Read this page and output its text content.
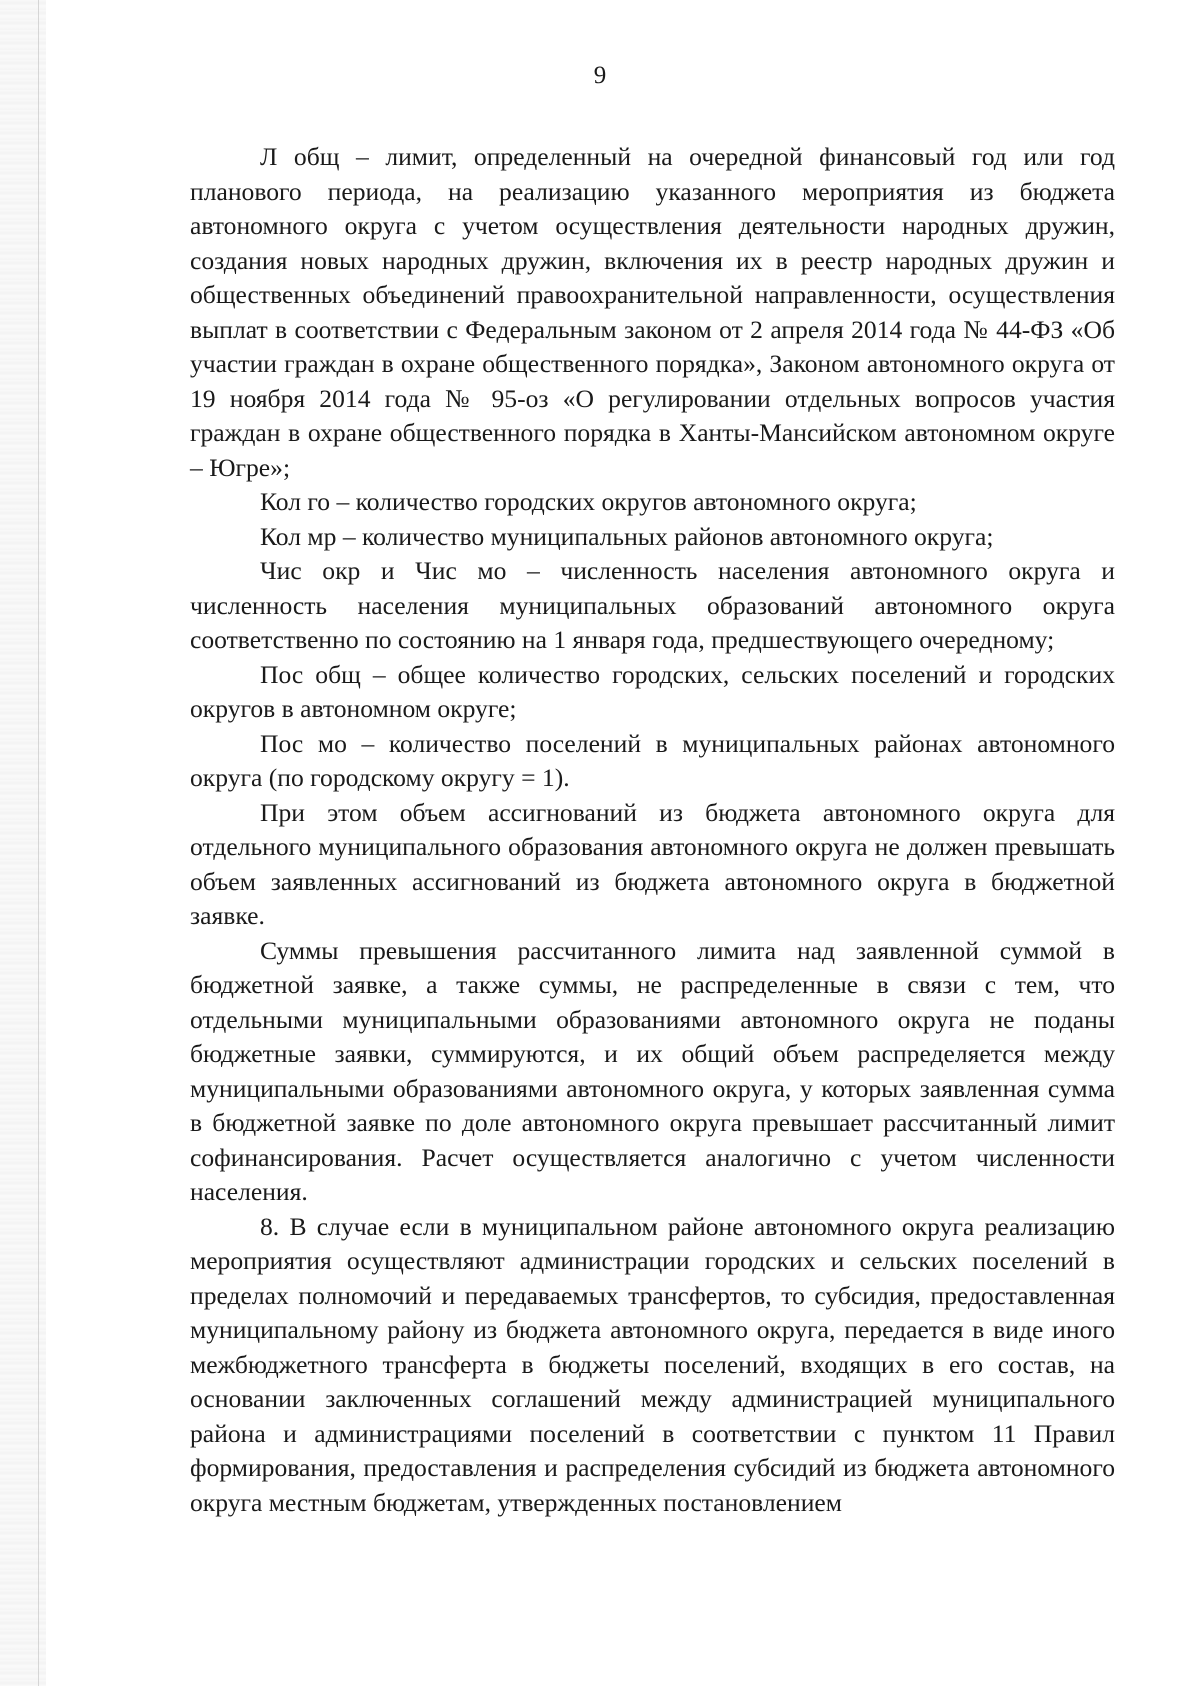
9

Л общ – лимит, определенный на очередной финансовый год или год планового периода, на реализацию указанного мероприятия из бюджета автономного округа с учетом осуществления деятельности народных дружин, создания новых народных дружин, включения их в реестр народных дружин и общественных объединений правоохранительной направленности, осуществления выплат в соответствии с Федеральным законом от 2 апреля 2014 года № 44-ФЗ «Об участии граждан в охране общественного порядка», Законом автономного округа от 19 ноября 2014 года № 95-оз «О регулировании отдельных вопросов участия граждан в охране общественного порядка в Ханты-Мансийском автономном округе – Югре»;

Кол го – количество городских округов автономного округа;

Кол мр – количество муниципальных районов автономного округа;

Чис окр и Чис мо – численность населения автономного округа и численность населения муниципальных образований автономного округа соответственно по состоянию на 1 января года, предшествующего очередному;

Пос общ – общее количество городских, сельских поселений и городских округов в автономном округе;

Пос мо – количество поселений в муниципальных районах автономного округа (по городскому округу = 1).

При этом объем ассигнований из бюджета автономного округа для отдельного муниципального образования автономного округа не должен превышать объем заявленных ассигнований из бюджета автономного округа в бюджетной заявке.

Суммы превышения рассчитанного лимита над заявленной суммой в бюджетной заявке, а также суммы, не распределенные в связи с тем, что отдельными муниципальными образованиями автономного округа не поданы бюджетные заявки, суммируются, и их общий объем распределяется между муниципальными образованиями автономного округа, у которых заявленная сумма в бюджетной заявке по доле автономного округа превышает рассчитанный лимит софинансирования. Расчет осуществляется аналогично с учетом численности населения.

8. В случае если в муниципальном районе автономного округа реализацию мероприятия осуществляют администрации городских и сельских поселений в пределах полномочий и передаваемых трансфертов, то субсидия, предоставленная муниципальному району из бюджета автономного округа, передается в виде иного межбюджетного трансферта в бюджеты поселений, входящих в его состав, на основании заключенных соглашений между администрацией муниципального района и администрациями поселений в соответствии с пунктом 11 Правил формирования, предоставления и распределения субсидий из бюджета автономного округа местным бюджетам, утвержденных постановлением
